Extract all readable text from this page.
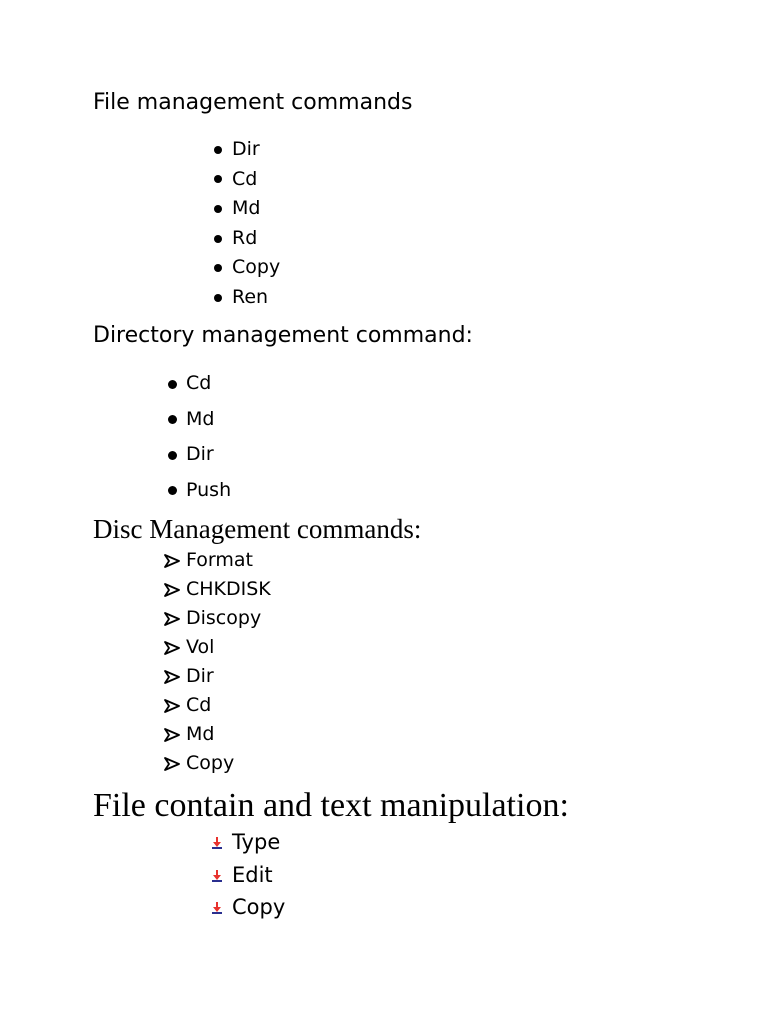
File management commands
Dir
Cd
Md
Rd
Copy
Ren
Directory management command:
Cd
Md
Dir
Push
Disc Management commands:
Format
CHKDISK
Discopy
Vol
Dir
Cd
Md
Copy
File contain and text manipulation:
Type
Edit
Copy
